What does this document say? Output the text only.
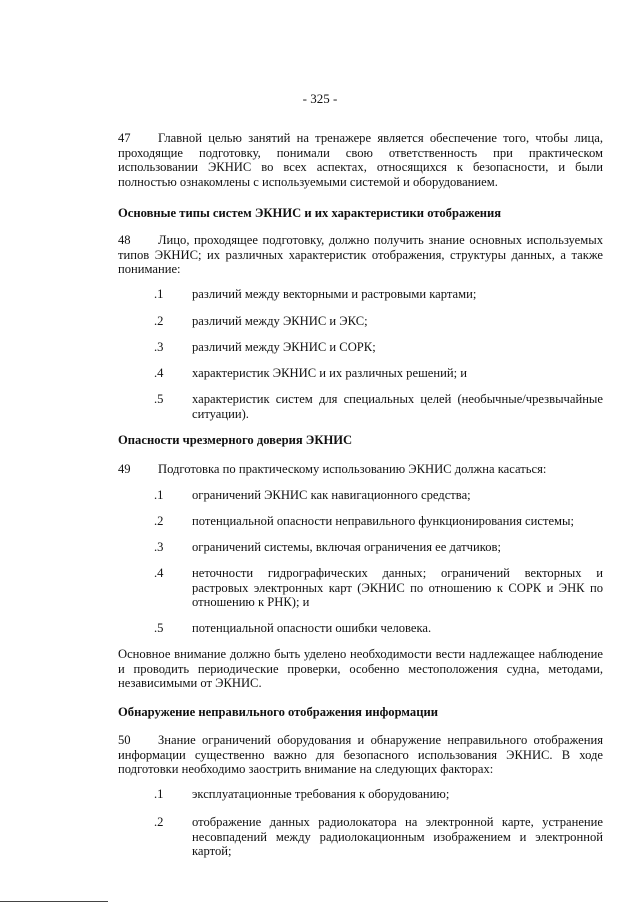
- 325 -
47 Главной целью занятий на тренажере является обеспечение того, чтобы лица, проходящие подготовку, понимали свою ответственность при практическом использовании ЭКНИС во всех аспектах, относящихся к безопасности, и были полностью ознакомлены с используемыми системой и оборудованием.
Основные типы систем ЭКНИС и их характеристики отображения
48 Лицо, проходящее подготовку, должно получить знание основных используемых типов ЭКНИС; их различных характеристик отображения, структуры данных, а также понимание:
.1 различий между векторными и растровыми картами;
.2 различий между ЭКНИС и ЭКС;
.3 различий между ЭКНИС и СОРК;
.4 характеристик ЭКНИС и их различных решений; и
.5 характеристик систем для специальных целей (необычные/чрезвычайные ситуации).
Опасности чрезмерного доверия ЭКНИС
49 Подготовка по практическому использованию ЭКНИС должна касаться:
.1 ограничений ЭКНИС как навигационного средства;
.2 потенциальной опасности неправильного функционирования системы;
.3 ограничений системы, включая ограничения ее датчиков;
.4 неточности гидрографических данных; ограничений векторных и растровых электронных карт (ЭКНИС по отношению к СОРК и ЭНК по отношению к РНК); и
.5 потенциальной опасности ошибки человека.
Основное внимание должно быть уделено необходимости вести надлежащее наблюдение и проводить периодические проверки, особенно местоположения судна, методами, независимыми от ЭКНИС.
Обнаружение неправильного отображения информации
50 Знание ограничений оборудования и обнаружение неправильного отображения информации существенно важно для безопасного использования ЭКНИС. В ходе подготовки необходимо заострить внимание на следующих факторах:
.1 эксплуатационные требования к оборудованию;
.2 отображение данных радиолокатора на электронной карте, устранение несовпадений между радиолокационным изображением и электронной картой;
